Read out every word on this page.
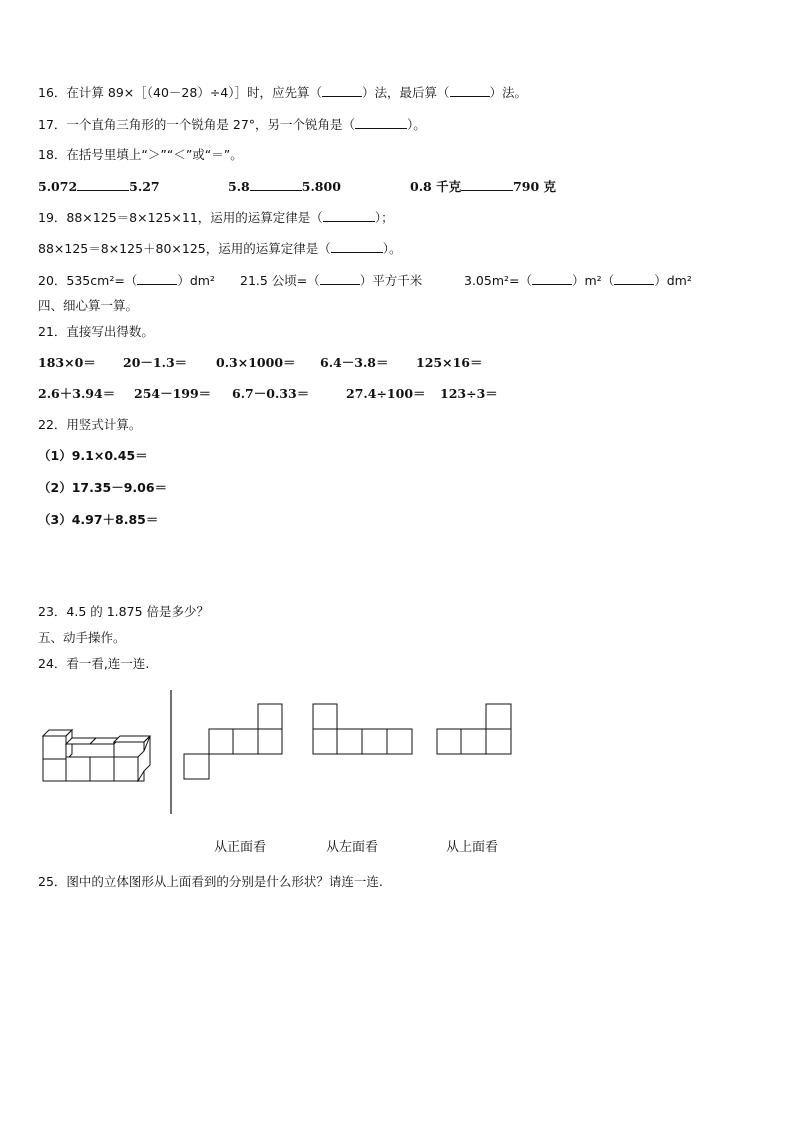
16．在计算 89×［（40－28）÷4）］时，应先算（	）法，最后算（	）法。
17．一个直角三角形的一个锐角是 27°，另一个锐角是（	）。
18．在括号里填上“＞”“＜”或“＝”。
5.072	5.27	5.8	5.800	0.8 千克	790 克
19．88×125＝8×125×11，运用的运算定律是（	）；
88×125＝8×125＋80×125，运用的运算定律是（	）。
20．535cm²=（	）dm² 21.5 公顷=（	）平方千米	3.05m²=（	）m²（	）dm²
四、细心算一算。
21．直接写出得数。
183×0＝ 20－1.3＝ 0.3×1000＝ 6.4－3.8＝ 125×16＝
2.6＋3.94＝ 254－199＝ 6.7－0.33＝	27.4÷100＝ 123÷3＝
22．用竖式计算。
（1）9.1×0.45＝
（2）17.35－9.06＝
（3）4.97＋8.85＝
23．4.5 的 1.875 倍是多少？
五、动手操作。
24．看一看,连一连.
从正面看	从左面看	从上面看
25．图中的立体图形从上面看到的分别是什么形状？请连一连.
